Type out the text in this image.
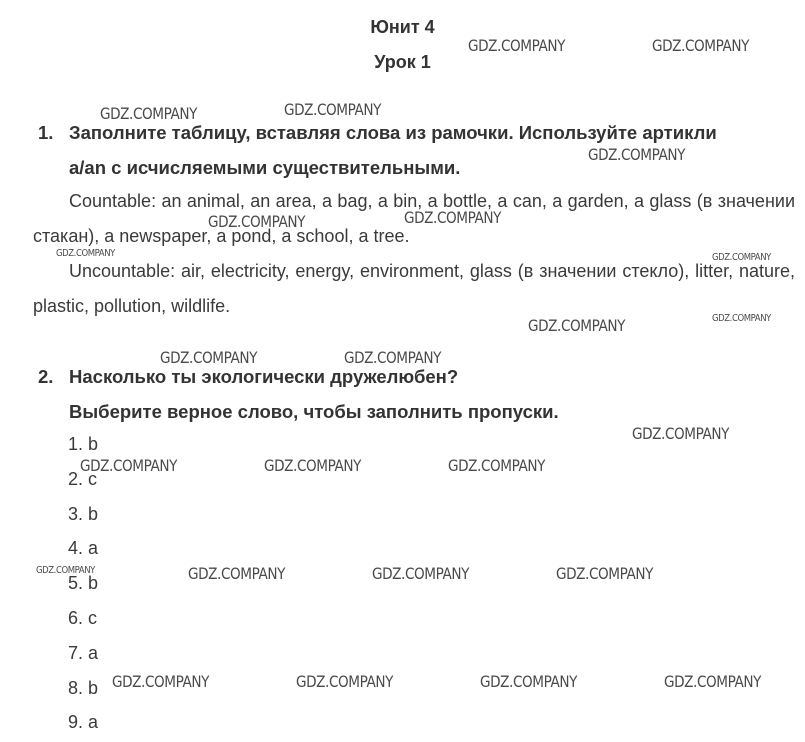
Юнит 4
Урок 1
1. Заполните таблицу, вставляя слова из рамочки. Используйте артикли
a/an с исчисляемыми существительными.
Countable: an animal, an area, a bag, a bin, a bottle, a can, a garden, a glass (в значении стакан), a newspaper, a pond, a school, a tree.
Uncountable: air, electricity, energy, environment, glass (в значении стекло), litter, nature, plastic, pollution, wildlife.
2. Насколько ты экологически дружелюбен?
Выберите верное слово, чтобы заполнить пропуски.
1. b
2. c
3. b
4. a
5. b
6. c
7. a
8. b
9. a
GDZ.COMPANY	GDZ.COMPANY
GDZ.COMPANY	GDZ.COMPANY
GDZ.COMPANY
GDZ.COMPANY	GDZ.COMPANY
GDZ.COMPANY	GDZ.COMPANY
GDZ.COMPANY
GDZ.COMPANY
GDZ.COMPANY	GDZ.COMPANY
GDZ.COMPANY
GDZ.COMPANY	GDZ.COMPANY	GDZ.COMPANY
GDZ.COMPANY	GDZ.COMPANY	GDZ.COMPANY	GDZ.COMPANY
GDZ.COMPANY	GDZ.COMPANY	GDZ.COMPANY	GDZ.COMPANY
